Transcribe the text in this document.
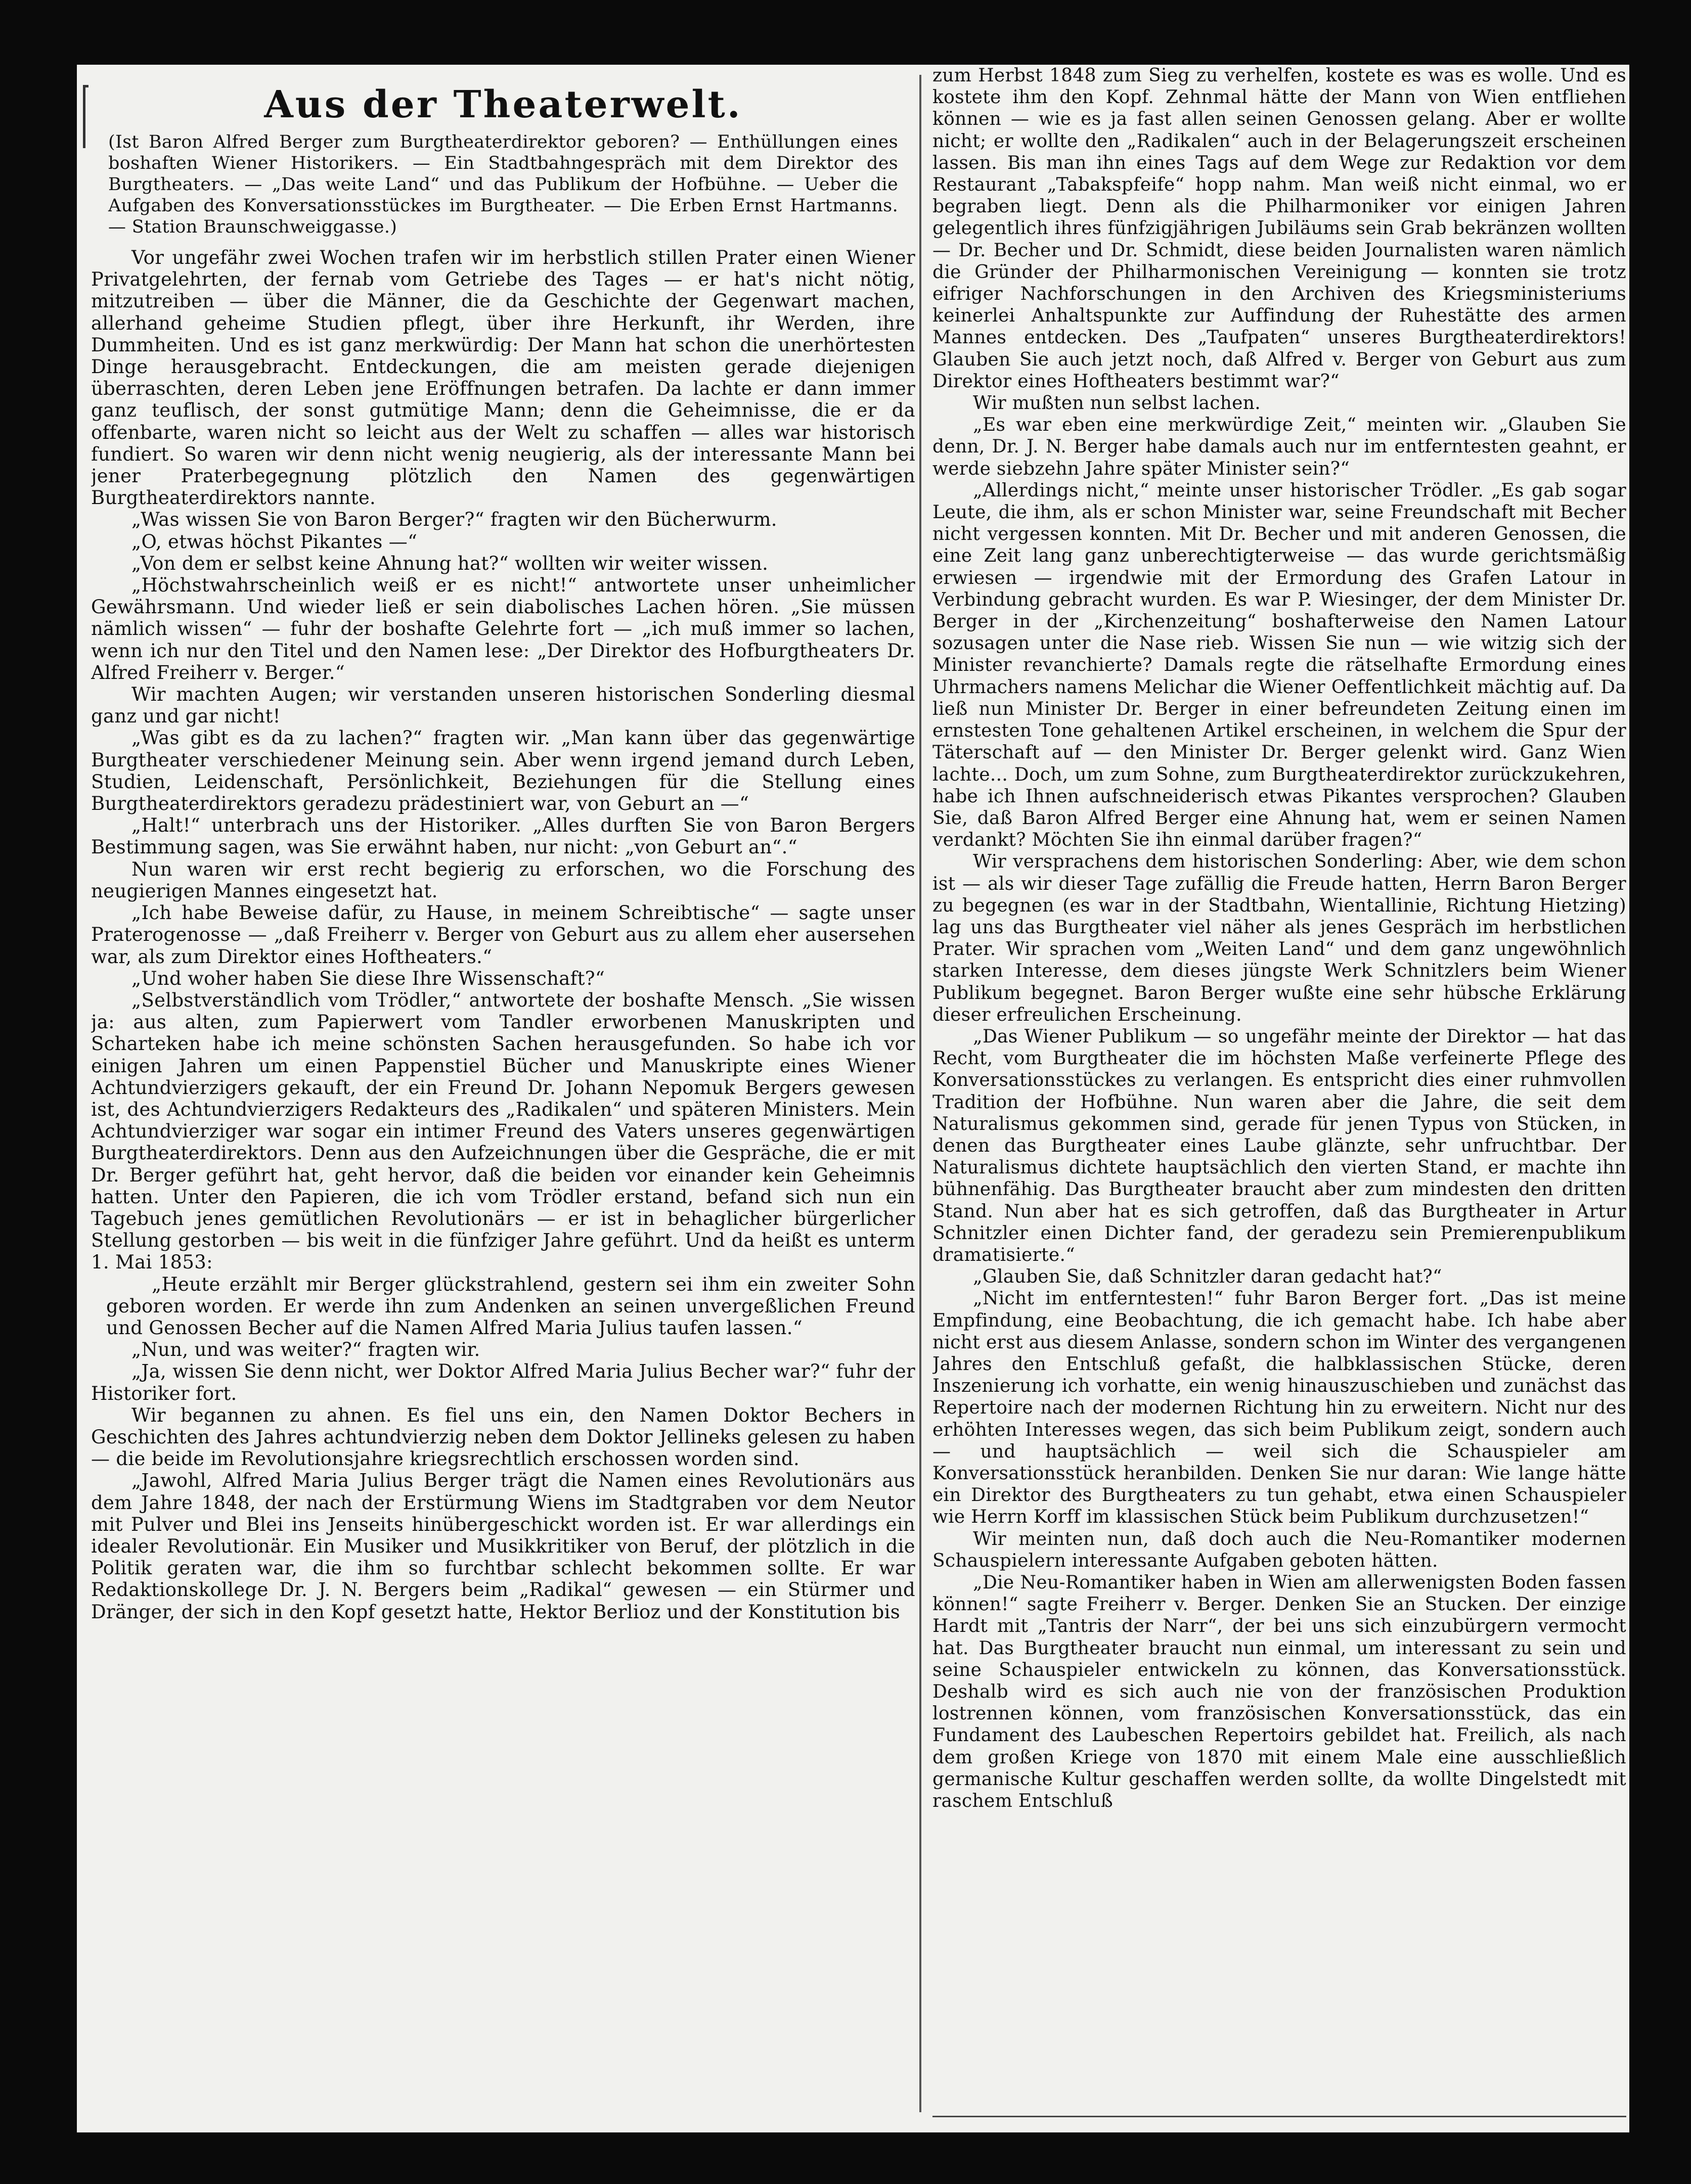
Aus der Theaterwelt.
(Ist Baron Alfred Berger zum Burgtheaterdirektor geboren? — Enthüllungen eines boshaften Wiener Historikers. — Ein Stadtbahngespräch mit dem Direktor des Burgtheaters. — „Das weite Land“ und das Publikum der Hofbühne. — Ueber die Aufgaben des Konversationsstückes im Burgtheater. — Die Erben Ernst Hartmanns. — Station Braunschweiggasse.)

Vor ungefähr zwei Wochen trafen wir im herbstlich stillen Prater einen Wiener Privatgelehrten, der fernab vom Getriebe des Tages — er hat's nicht nötig, mitzutreiben — über die Männer, die da Geschichte der Gegenwart machen, allerhand geheime Studien pflegt, über ihre Herkunft, ihr Werden, ihre Dummheiten. Und es ist ganz merkwürdig: Der Mann hat schon die unerhörtesten Dinge herausgebracht. Entdeckungen, die am meisten gerade diejenigen überraschten, deren Leben jene Eröffnungen betrafen. Da lachte er dann immer ganz teuflisch, der sonst gutmütige Mann; denn die Geheimnisse, die er da offenbarte, waren nicht so leicht aus der Welt zu schaffen — alles war historisch fundiert. So waren wir denn nicht wenig neugierig, als der interessante Mann bei jener Praterbegegnung plötzlich den Namen des gegenwärtigen Burgtheaterdirektors nannte.

„Was wissen Sie von Baron Berger?“ fragten wir den Bücherwurm.

„O, etwas höchst Pikantes —“

„Von dem er selbst keine Ahnung hat?“ wollten wir weiter wissen.

„Höchstwahrscheinlich weiß er es nicht!“ antwortete unser unheimlicher Gewährsmann. Und wieder ließ er sein diabolisches Lachen hören. „Sie müssen nämlich wissen“ — fuhr der boshafte Gelehrte fort — „ich muß immer so lachen, wenn ich nur den Titel und den Namen lese: „Der Direktor des Hofburgtheaters Dr. Alfred Freiherr v. Berger.“

Wir machten Augen; wir verstanden unseren historischen Sonderling diesmal ganz und gar nicht!

„Was gibt es da zu lachen?“ fragten wir. „Man kann über das gegenwärtige Burgtheater verschiedener Meinung sein. Aber wenn irgend jemand durch Leben, Studien, Leidenschaft, Persönlichkeit, Beziehungen für die Stellung eines Burgtheaterdirektors geradezu prädestiniert war, von Geburt an —“

„Halt!“ unterbrach uns der Historiker. „Alles durften Sie von Baron Bergers Bestimmung sagen, was Sie erwähnt haben, nur nicht: „von Geburt an“.“

Nun waren wir erst recht begierig zu erforschen, wo die Forschung des neugierigen Mannes eingesetzt hat.

„Ich habe Beweise dafür, zu Hause, in meinem Schreibtische“ — sagte unser Praterogenosse — „daß Freiherr v. Berger von Geburt aus zu allem eher ausersehen war, als zum Direktor eines Hoftheaters.“

„Und woher haben Sie diese Ihre Wissenschaft?“

„Selbstverständlich vom Trödler,“ antwortete der boshafte Mensch. „Sie wissen ja: aus alten, zum Papierwert vom Tandler erworbenen Manuskripten und Scharteken habe ich meine schönsten Sachen herausgefunden. So habe ich vor einigen Jahren um einen Pappenstiel Bücher und Manuskripte eines Wiener Achtundvierzigers gekauft, der ein Freund Dr. Johann Nepomuk Bergers gewesen ist, des Achtundvierzigers Redakteurs des „Radikalen“ und späteren Ministers. Mein Achtundvierziger war sogar ein intimer Freund des Vaters unseres gegenwärtigen Burgtheaterdirektors. Denn aus den Aufzeichnungen über die Gespräche, die er mit Dr. Berger geführt hat, geht hervor, daß die beiden vor einander kein Geheimnis hatten. Unter den Papieren, die ich vom Trödler erstand, befand sich nun ein Tagebuch jenes gemütlichen Revolutionärs — er ist in behaglicher bürgerlicher Stellung gestorben — bis weit in die fünfziger Jahre geführt. Und da heißt es unterm 1. Mai 1853:

„Heute erzählt mir Berger glückstrahlend, gestern sei ihm ein zweiter Sohn geboren worden. Er werde ihn zum Andenken an seinen unvergeßlichen Freund und Genossen Becher auf die Namen Alfred Maria Julius taufen lassen.“

„Nun, und was weiter?“ fragten wir.

„Ja, wissen Sie denn nicht, wer Doktor Alfred Maria Julius Becher war?“ fuhr der Historiker fort.

Wir begannen zu ahnen. Es fiel uns ein, den Namen Doktor Bechers in Geschichten des Jahres achtundvierzig neben dem Doktor Jellineks gelesen zu haben — die beide im Revolutionsjahre kriegsrechtlich erschossen worden sind.

„Jawohl, Alfred Maria Julius Berger trägt die Namen eines Revolutionärs aus dem Jahre 1848, der nach der Erstürmung Wiens im Stadtgraben vor dem Neutor mit Pulver und Blei ins Jenseits hinübergeschickt worden ist. Er war allerdings ein idealer Revolutionär. Ein Musiker und Musikkritiker von Beruf, der plötzlich in die Politik geraten war, die ihm so furchtbar schlecht bekommen sollte. Er war Redaktionskollege Dr. J. N. Bergers beim „Radikal“ gewesen — ein Stürmer und Dränger, der sich in den Kopf gesetzt hatte, Hektor Berlioz und der Konstitution bis

zum Herbst 1848 zum Sieg zu verhelfen, kostete es was es wolle. Und es kostete ihm den Kopf. Zehnmal hätte der Mann von Wien entfliehen können — wie es ja fast allen seinen Genossen gelang. Aber er wollte nicht; er wollte den „Radikalen“ auch in der Belagerungszeit erscheinen lassen. Bis man ihn eines Tags auf dem Wege zur Redaktion vor dem Restaurant „Tabakspfeife“ hopp nahm. Man weiß nicht einmal, wo er begraben liegt. Denn als die Philharmoniker vor einigen Jahren gelegentlich ihres fünfzigjährigen Jubiläums sein Grab bekränzen wollten — Dr. Becher und Dr. Schmidt, diese beiden Journalisten waren nämlich die Gründer der Philharmonischen Vereinigung — konnten sie trotz eifriger Nachforschungen in den Archiven des Kriegsministeriums keinerlei Anhaltspunkte zur Auffindung der Ruhestätte des armen Mannes entdecken. Des „Taufpaten“ unseres Burgtheaterdirektors! Glauben Sie auch jetzt noch, daß Alfred v. Berger von Geburt aus zum Direktor eines Hoftheaters bestimmt war?“

Wir mußten nun selbst lachen.

„Es war eben eine merkwürdige Zeit,“ meinten wir. „Glauben Sie denn, Dr. J. N. Berger habe damals auch nur im entferntesten geahnt, er werde siebzehn Jahre später Minister sein?“

„Allerdings nicht,“ meinte unser historischer Trödler. „Es gab sogar Leute, die ihm, als er schon Minister war, seine Freundschaft mit Becher nicht vergessen konnten. Mit Dr. Becher und mit anderen Genossen, die eine Zeit lang ganz unberechtigterweise — das wurde gerichtsmäßig erwiesen — irgendwie mit der Ermordung des Grafen Latour in Verbindung gebracht wurden. Es war P. Wiesinger, der dem Minister Dr. Berger in der „Kirchenzeitung“ boshafterweise den Namen Latour sozusagen unter die Nase rieb. Wissen Sie nun — wie witzig sich der Minister revanchierte? Damals regte die rätselhafte Ermordung eines Uhrmachers namens Melichar die Wiener Oeffentlichkeit mächtig auf. Da ließ nun Minister Dr. Berger in einer befreundeten Zeitung einen im ernstesten Tone gehaltenen Artikel erscheinen, in welchem die Spur der Täterschaft auf — den Minister Dr. Berger gelenkt wird. Ganz Wien lachte... Doch, um zum Sohne, zum Burgtheaterdirektor zurückzukehren, habe ich Ihnen aufschneiderisch etwas Pikantes versprochen? Glauben Sie, daß Baron Alfred Berger eine Ahnung hat, wem er seinen Namen verdankt? Möchten Sie ihn einmal darüber fragen?“

Wir versprachens dem historischen Sonderling: Aber, wie dem schon ist — als wir dieser Tage zufällig die Freude hatten, Herrn Baron Berger zu begegnen (es war in der Stadtbahn, Wientallinie, Richtung Hietzing) lag uns das Burgtheater viel näher als jenes Gespräch im herbstlichen Prater. Wir sprachen vom „Weiten Land“ und dem ganz ungewöhnlich starken Interesse, dem dieses jüngste Werk Schnitzlers beim Wiener Publikum begegnet. Baron Berger wußte eine sehr hübsche Erklärung dieser erfreulichen Erscheinung.

„Das Wiener Publikum — so ungefähr meinte der Direktor — hat das Recht, vom Burgtheater die im höchsten Maße verfeinerte Pflege des Konversationsstückes zu verlangen. Es entspricht dies einer ruhmvollen Tradition der Hofbühne. Nun waren aber die Jahre, die seit dem Naturalismus gekommen sind, gerade für jenen Typus von Stücken, in denen das Burgtheater eines Laube glänzte, sehr unfruchtbar. Der Naturalismus dichtete hauptsächlich den vierten Stand, er machte ihn bühnenfähig. Das Burgtheater braucht aber zum mindesten den dritten Stand. Nun aber hat es sich getroffen, daß das Burgtheater in Artur Schnitzler einen Dichter fand, der geradezu sein Premierenpublikum dramatisierte.“

„Glauben Sie, daß Schnitzler daran gedacht hat?“

„Nicht im entferntesten!“ fuhr Baron Berger fort. „Das ist meine Empfindung, eine Beobachtung, die ich gemacht habe. Ich habe aber nicht erst aus diesem Anlasse, sondern schon im Winter des vergangenen Jahres den Entschluß gefaßt, die halbklassischen Stücke, deren Inszenierung ich vorhatte, ein wenig hinauszuschieben und zunächst das Repertoire nach der modernen Richtung hin zu erweitern. Nicht nur des erhöhten Interesses wegen, das sich beim Publikum zeigt, sondern auch — und hauptsächlich — weil sich die Schauspieler am Konversationsstück heranbilden. Denken Sie nur daran: Wie lange hätte ein Direktor des Burgtheaters zu tun gehabt, etwa einen Schauspieler wie Herrn Korff im klassischen Stück beim Publikum durchzusetzen!“

Wir meinten nun, daß doch auch die Neu-Romantiker modernen Schauspielern interessante Aufgaben geboten hätten.

„Die Neu-Romantiker haben in Wien am allerwenigsten Boden fassen können!“ sagte Freiherr v. Berger. Denken Sie an Stucken. Der einzige Hardt mit „Tantris der Narr“, der bei uns sich einzubürgern vermocht hat. Das Burgtheater braucht nun einmal, um interessant zu sein und seine Schauspieler entwickeln zu können, das Konversationsstück. Deshalb wird es sich auch nie von der französischen Produktion lostrennen können, vom französischen Konversationsstück, das ein Fundament des Laubeschen Repertoirs gebildet hat. Freilich, als nach dem großen Kriege von 1870 mit einem Male eine ausschließlich germanische Kultur geschaffen werden sollte, da wollte Dingelstedt mit raschem Entschluß
